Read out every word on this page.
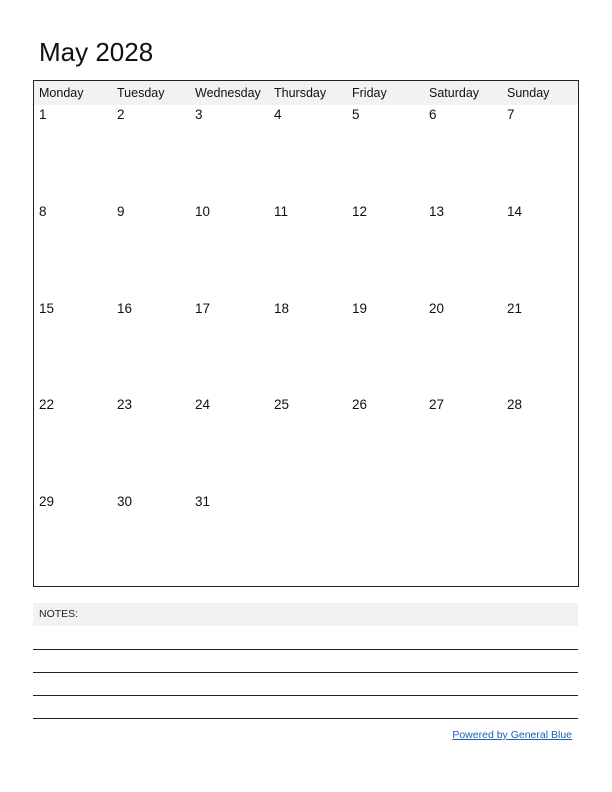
May 2028
Monday	Tuesday	Wednesday	Thursday	Friday	Saturday	Sunday
1	2	3	4	5	6	7
8	9	10	11	12	13	14
15	16	17	18	19	20	21
22	23	24	25	26	27	28
29	30	31
NOTES:
Powered by General Blue
